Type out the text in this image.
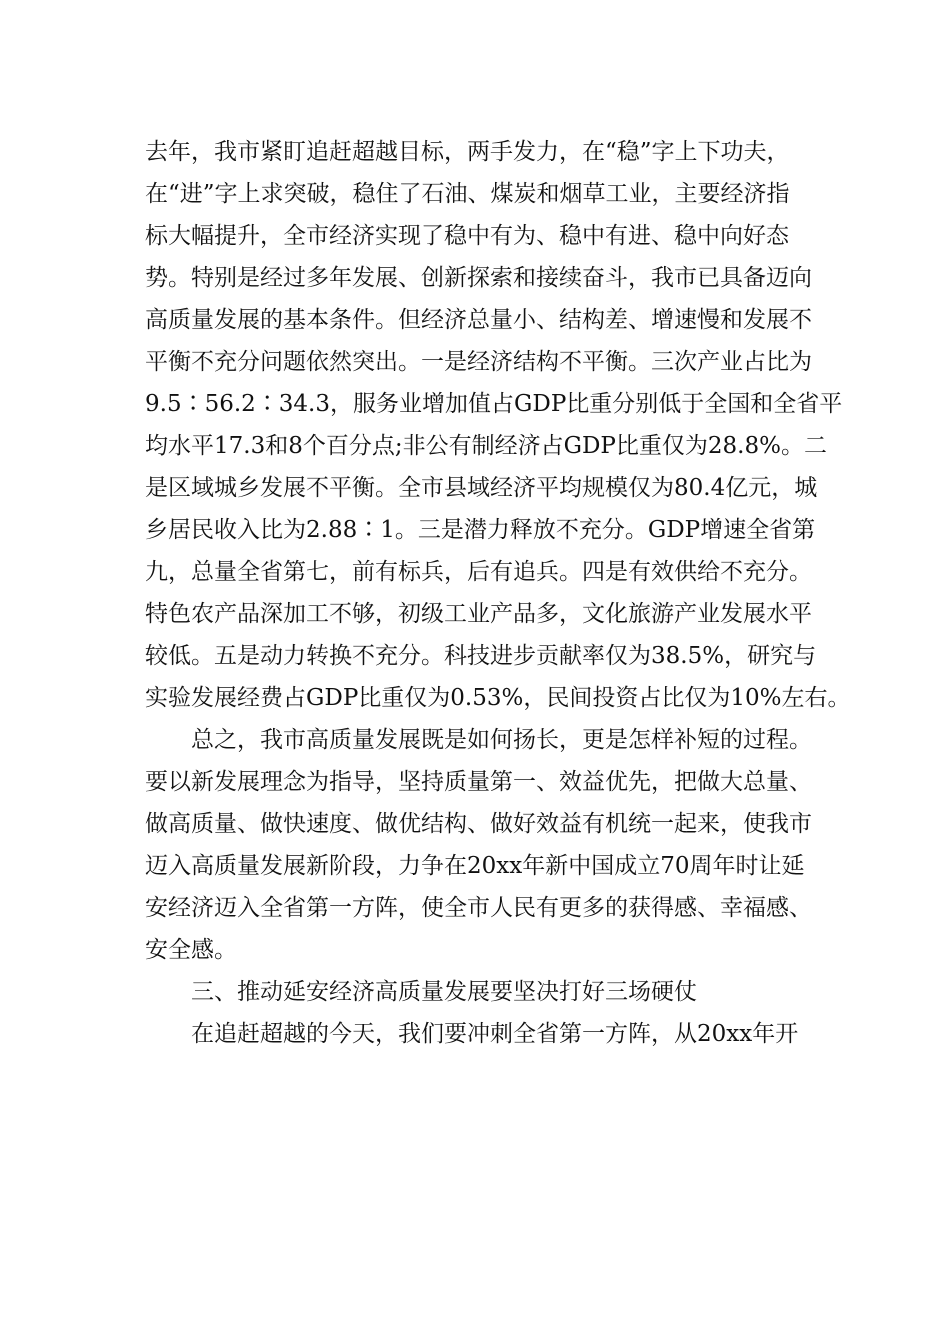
去年，我市紧盯追赶超越目标，两手发力，在“稳”字上下功夫，
在“进”字上求突破，稳住了石油、煤炭和烟草工业，主要经济指
标大幅提升，全市经济实现了稳中有为、稳中有进、稳中向好态
势。特别是经过多年发展、创新探索和接续奋斗，我市已具备迈向
高质量发展的基本条件。但经济总量小、结构差、增速慢和发展不
平衡不充分问题依然突出。一是经济结构不平衡。三次产业占比为
9.5∶56.2∶34.3，服务业增加值占GDP比重分别低于全国和全省平
均水平17.3和8个百分点;非公有制经济占GDP比重仅为28.8%。二
是区域城乡发展不平衡。全市县域经济平均规模仅为80.4亿元，城
乡居民收入比为2.88∶1。三是潜力释放不充分。GDP增速全省第
九，总量全省第七，前有标兵，后有追兵。四是有效供给不充分。
特色农产品深加工不够，初级工业产品多，文化旅游产业发展水平
较低。五是动力转换不充分。科技进步贡献率仅为38.5%，研究与
实验发展经费占GDP比重仅为0.53%，民间投资占比仅为10%左右。

总之，我市高质量发展既是如何扬长，更是怎样补短的过程。
要以新发展理念为指导，坚持质量第一、效益优先，把做大总量、
做高质量、做快速度、做优结构、做好效益有机统一起来，使我市
迈入高质量发展新阶段，力争在20xx年新中国成立70周年时让延
安经济迈入全省第一方阵，使全市人民有更多的获得感、幸福感、
安全感。

三、推动延安经济高质量发展要坚决打好三场硬仗

在追赶超越的今天，我们要冲刺全省第一方阵，从20xx年开
